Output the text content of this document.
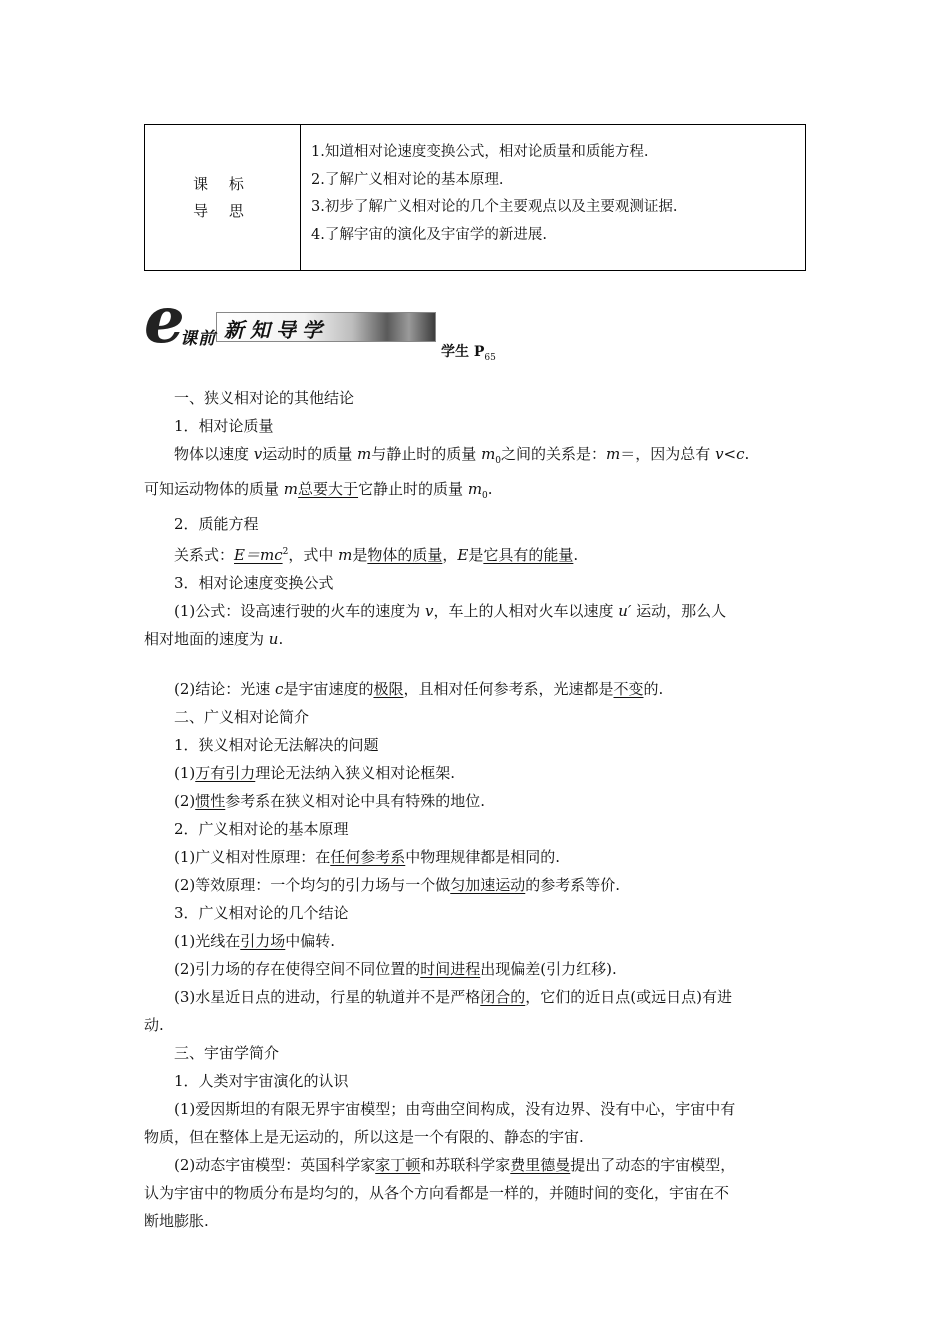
课 标
导 思
1.知道相对论速度变换公式，相对论质量和质能方程.
2.了解广义相对论的基本原理.
3.初步了解广义相对论的几个主要观点以及主要观测证据.
4.了解宇宙的演化及宇宙学的新进展.
e
课前 新知导学
学生 $P_{65}$

一、狭义相对论的其他结论

1．相对论质量

物体以速度 v运动时的质量 m与静止时的质量 $m_0$之间的关系是：m＝，因为总有 v<c.

可知运动物体的质量 m总要大于它静止时的质量 $m_0$.

2．质能方程

关系式：$E=mc^2$，式中 m是物体的质量，E是它具有的能量.

3．相对论速度变换公式

(1)公式：设高速行驶的火车的速度为 v，车上的人相对火车以速度 u′ 运动，那么人

相对地面的速度为 u.

(2)结论：光速 c是宇宙速度的极限，且相对任何参考系，光速都是不变的.

二、广义相对论简介

1．狭义相对论无法解决的问题

(1)万有引力理论无法纳入狭义相对论框架.

(2)惯性参考系在狭义相对论中具有特殊的地位.

2．广义相对论的基本原理

(1)广义相对性原理：在任何参考系中物理规律都是相同的.

(2)等效原理：一个均匀的引力场与一个做匀加速运动的参考系等价.

3．广义相对论的几个结论

(1)光线在引力场中偏转.

(2)引力场的存在使得空间不同位置的时间进程出现偏差(引力红移).

(3)水星近日点的进动，行星的轨道并不是严格闭合的，它们的近日点(或远日点)有进

动.

三、宇宙学简介

1．人类对宇宙演化的认识

(1)爱因斯坦的有限无界宇宙模型；由弯曲空间构成，没有边界、没有中心，宇宙中有

物质，但在整体上是无运动的，所以这是一个有限的、静态的宇宙.

(2)动态宇宙模型：英国科学家家丁顿和苏联科学家费里德曼提出了动态的宇宙模型，

认为宇宙中的物质分布是均匀的，从各个方向看都是一样的，并随时间的变化，宇宙在不

断地膨胀.
